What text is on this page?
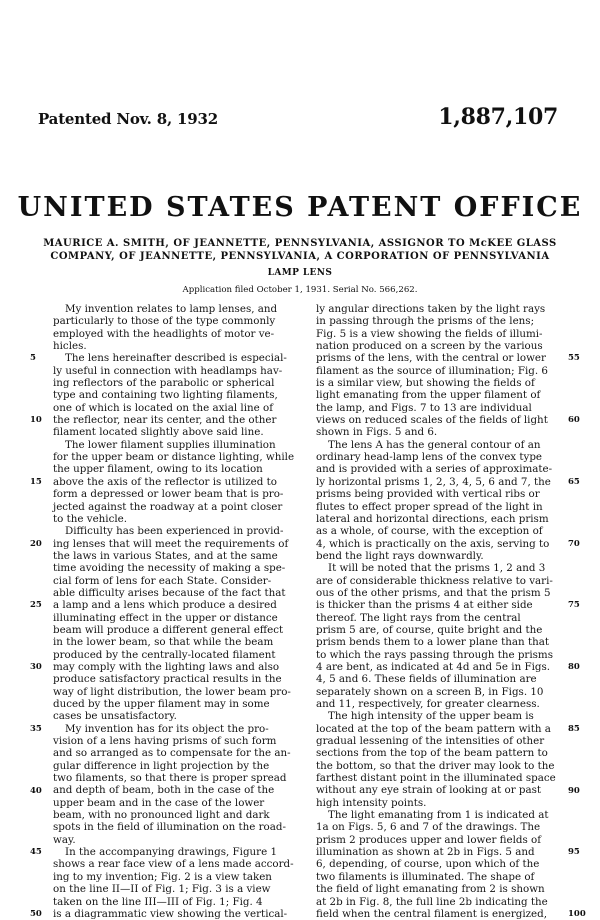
Patented Nov. 8, 1932	1,887,107
UNITED STATES PATENT OFFICE
MAURICE A. SMITH, OF JEANNETTE, PENNSYLVANIA, ASSIGNOR TO McKEE GLASS
COMPANY, OF JEANNETTE, PENNSYLVANIA, A CORPORATION OF PENNSYLVANIA
LAMP LENS
Application filed October 1, 1931. Serial No. 566,262.
My invention relates to lamp lenses, and
particularly to those of the type commonly
employed with the headlights of motor ve-
hicles.
The lens hereinafter described is especial-
ly useful in connection with headlamps hav-
ing reflectors of the parabolic or spherical
type and containing two lighting filaments,
one of which is located on the axial line of
the reflector, near its center, and the other
filament located slightly above said line.
The lower filament supplies illumination
for the upper beam or distance lighting, while
the upper filament, owing to its location
above the axis of the reflector is utilized to
form a depressed or lower beam that is pro-
jected against the roadway at a point closer
to the vehicle.
Difficulty has been experienced in provid-
ing lenses that will meet the requirements of
the laws in various States, and at the same
time avoiding the necessity of making a spe-
cial form of lens for each State. Consider-
able difficulty arises because of the fact that
a lamp and a lens which produce a desired
illuminating effect in the upper or distance
beam will produce a different general effect
in the lower beam, so that while the beam
produced by the centrally-located filament
may comply with the lighting laws and also
produce satisfactory practical results in the
way of light distribution, the lower beam pro-
duced by the upper filament may in some
cases be unsatisfactory.
My invention has for its object the pro-
vision of a lens having prisms of such form
and so arranged as to compensate for the an-
gular difference in light projection by the
two filaments, so that there is proper spread
and depth of beam, both in the case of the
upper beam and in the case of the lower
beam, with no pronounced light and dark
spots in the field of illumination on the road-
way.
In the accompanying drawings, Figure 1
shows a rear face view of a lens made accord-
ing to my invention; Fig. 2 is a view taken
on the line II—II of Fig. 1; Fig. 3 is a view
taken on the line III—III of Fig. 1; Fig. 4
is a diagrammatic view showing the vertical-
ly angular directions taken by the light rays
in passing through the prisms of the lens;
Fig. 5 is a view showing the fields of illumi-
nation produced on a screen by the various
prisms of the lens, with the central or lower
filament as the source of illumination; Fig. 6
is a similar view, but showing the fields of
light emanating from the upper filament of
the lamp, and Figs. 7 to 13 are individual
views on reduced scales of the fields of light
shown in Figs. 5 and 6.
The lens A has the general contour of an
ordinary head-lamp lens of the convex type
and is provided with a series of approximate-
ly horizontal prisms 1, 2, 3, 4, 5, 6 and 7, the
prisms being provided with vertical ribs or
flutes to effect proper spread of the light in
lateral and horizontal directions, each prism
as a whole, of course, with the exception of
4, which is practically on the axis, serving to
bend the light rays downwardly.
It will be noted that the prisms 1, 2 and 3
are of considerable thickness relative to vari-
ous of the other prisms, and that the prism 5
is thicker than the prisms 4 at either side
thereof. The light rays from the central
prism 5 are, of course, quite bright and the
prism bends them to a lower plane than that
to which the rays passing through the prisms
4 are bent, as indicated at 4d and 5e in Figs.
4, 5 and 6. These fields of illumination are
separately shown on a screen B, in Figs. 10
and 11, respectively, for greater clearness.
The high intensity of the upper beam is
located at the top of the beam pattern with a
gradual lessening of the intensities of other
sections from the top of the beam pattern to
the bottom, so that the driver may look to the
farthest distant point in the illuminated space
without any eye strain of looking at or past
high intensity points.
The light emanating from 1 is indicated at
1a on Figs. 5, 6 and 7 of the drawings. The
prism 2 produces upper and lower fields of
illumination as shown at 2b in Figs. 5 and
6, depending, of course, upon which of the
two filaments is illuminated. The shape of
the field of light emanating from 2 is shown
at 2b in Fig. 8, the full line 2b indicating the
field when the central filament is energized,
5
10
15
20
25
30
35
40
45
50
55
60
65
70
75
80
85
90
95
100
